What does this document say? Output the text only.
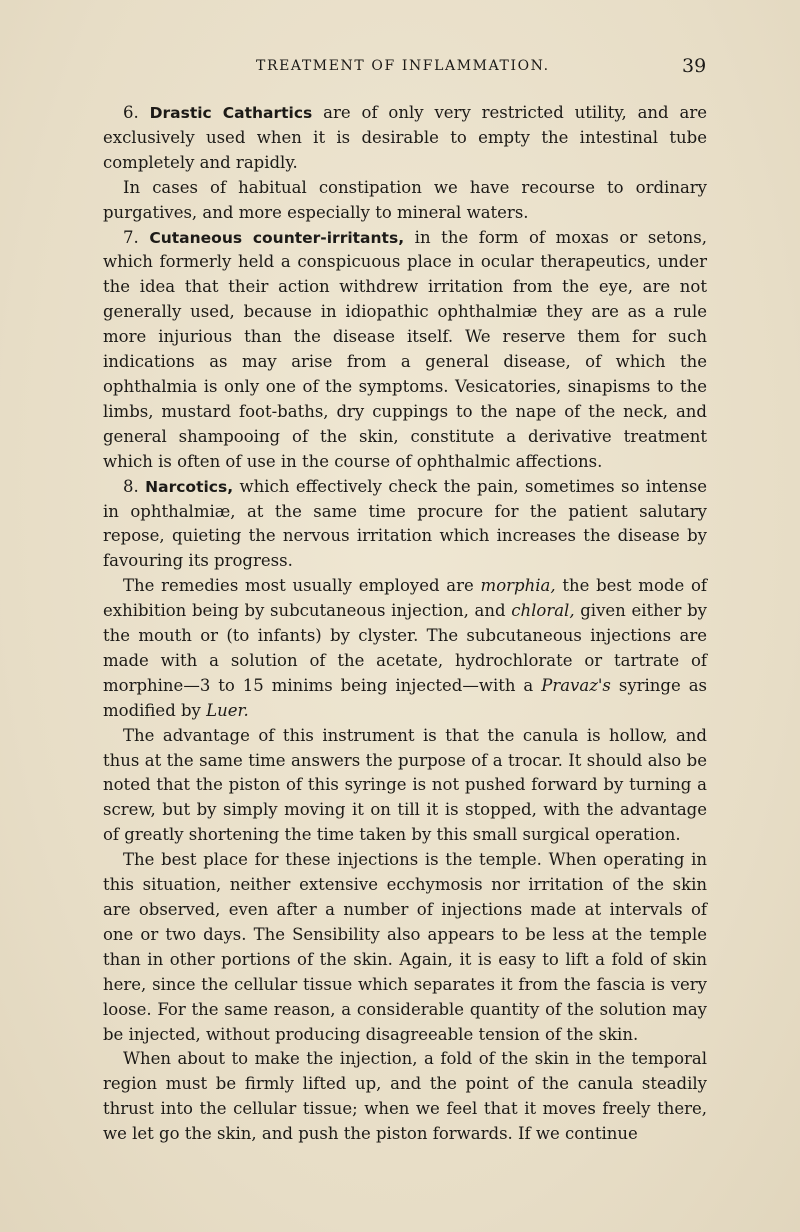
TREATMENT OF INFLAMMATION.	39

6. Drastic Cathartics are of only very restricted utility, and are exclusively used when it is desirable to empty the intestinal tube completely and rapidly.

In cases of habitual constipation we have recourse to ordinary purgatives, and more especially to mineral waters.

7. Cutaneous counter-irritants, in the form of moxas or setons, which formerly held a conspicuous place in ocular therapeutics, under the idea that their action withdrew irritation from the eye, are not generally used, because in idiopathic ophthalmiæ they are as a rule more injurious than the disease itself. We reserve them for such indications as may arise from a general disease, of which the ophthalmia is only one of the symptoms. Vesicatories, sinapisms to the limbs, mustard foot-baths, dry cuppings to the nape of the neck, and general shampooing of the skin, constitute a derivative treatment which is often of use in the course of ophthalmic affections.

8. Narcotics, which effectively check the pain, sometimes so intense in ophthalmiæ, at the same time procure for the patient salutary repose, quieting the nervous irritation which increases the disease by favouring its progress.

The remedies most usually employed are morphia, the best mode of exhibition being by subcutaneous injection, and chloral, given either by the mouth or (to infants) by clyster. The subcutaneous injections are made with a solution of the acetate, hydrochlorate or tartrate of morphine—3 to 15 minims being injected—with a Pravaz's syringe as modified by Luer.

The advantage of this instrument is that the canula is hollow, and thus at the same time answers the purpose of a trocar. It should also be noted that the piston of this syringe is not pushed forward by turning a screw, but by simply moving it on till it is stopped, with the advantage of greatly shortening the time taken by this small surgical operation.

The best place for these injections is the temple. When operating in this situation, neither extensive ecchymosis nor irritation of the skin are observed, even after a number of injections made at intervals of one or two days. The Sensibility also appears to be less at the temple than in other portions of the skin. Again, it is easy to lift a fold of skin here, since the cellular tissue which separates it from the fascia is very loose. For the same reason, a considerable quantity of the solution may be injected, without producing disagreeable tension of the skin.

When about to make the injection, a fold of the skin in the temporal region must be firmly lifted up, and the point of the canula steadily thrust into the cellular tissue; when we feel that it moves freely there, we let go the skin, and push the piston forwards. If we continue
